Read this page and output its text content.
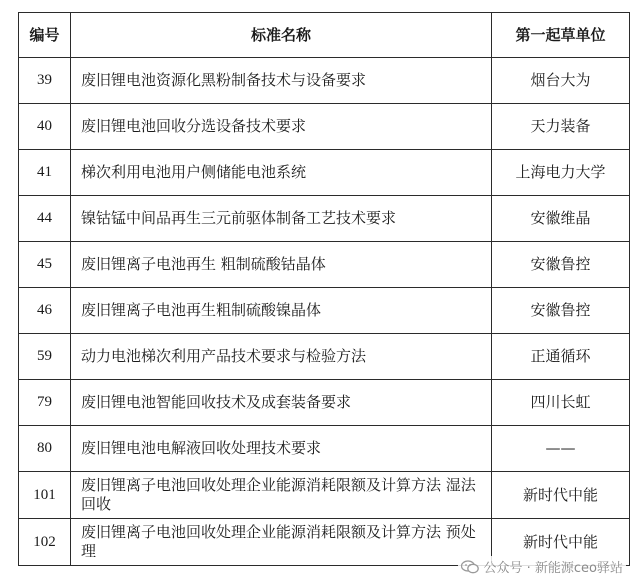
编号	标准名称	第一起草单位
39	废旧锂电池资源化黑粉制备技术与设备要求	烟台大为
40	废旧锂电池回收分选设备技术要求	天力装备
41	梯次利用电池用户侧储能电池系统	上海电力大学
44	镍钴锰中间品再生三元前驱体制备工艺技术要求	安徽维晶
45	废旧锂离子电池再生 粗制硫酸钴晶体	安徽鲁控
46	废旧锂离子电池再生粗制硫酸镍晶体	安徽鲁控
59	动力电池梯次利用产品技术要求与检验方法	正通循环
79	废旧锂电池智能回收技术及成套装备要求	四川长虹
80	废旧锂电池电解液回收处理技术要求	——
101	废旧锂离子电池回收处理企业能源消耗限额及计算方法 湿法回收	新时代中能
102	废旧锂离子电池回收处理企业能源消耗限额及计算方法 预处理	新时代中能
公众号 · 新能源ceo驿站
